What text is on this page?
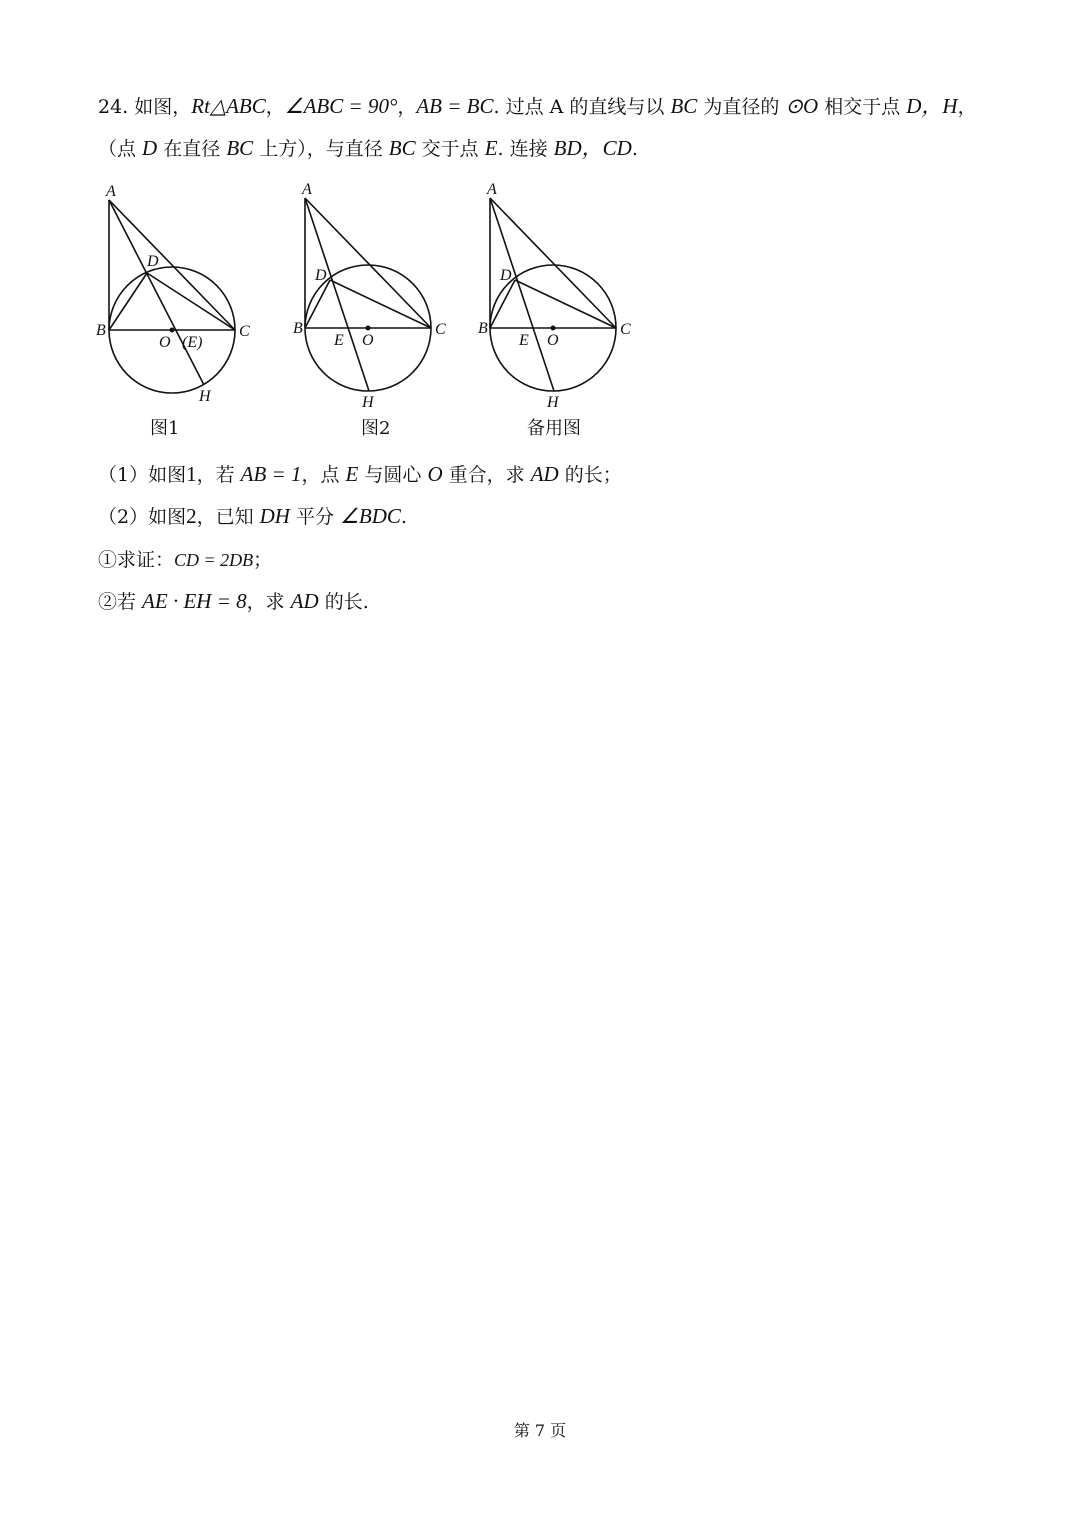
24. 如图，Rt△ABC，∠ABC = 90°，AB = BC. 过点 A 的直线与以 BC 为直径的 ⊙O 相交于点 D，H，
（点 D 在直径 BC 上方），与直径 BC 交于点 E. 连接 BD，CD.
A
B	C
D
O (E)
H
图1
A
B	C
D
E O
H
图2
A
B	C
D
E O
H
备用图
（1）如图1，若 AB = 1，点 E 与圆心 O 重合，求 AD 的长；
（2）如图2，已知 DH 平分 ∠BDC.
①求证：CD = 2DB；
②若 AE · EH = 8，求 AD 的长.
第 7 页
